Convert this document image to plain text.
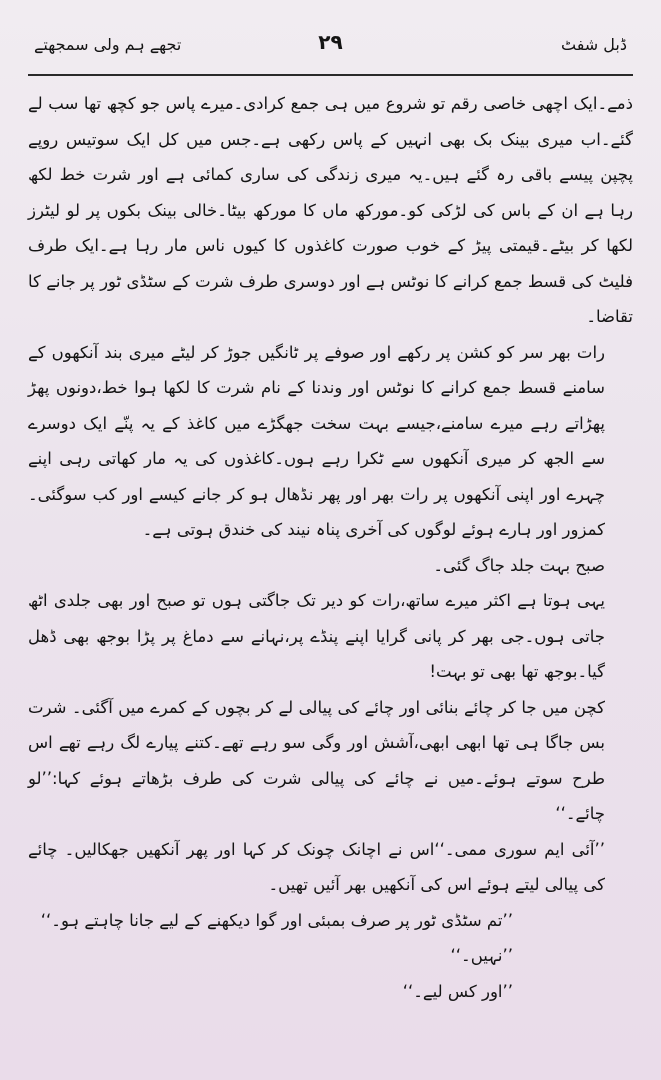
ڈبل شفٹ
۲۹
تجھے ہم ولی سمجھتے

ذمے۔ایک اچھی خاصی رقم تو شروع میں ہی جمع کرادی۔میرے پاس جو کچھ تھا سب لے گئے۔اب میری بینک بک بھی انہیں کے پاس رکھی ہے۔جس میں کل ایک سوتیس روپے پچپن پیسے باقی رہ گئے ہیں۔یہ میری زندگی کی ساری کمائی ہے اور شرت خط لکھ رہا ہے ان کے باس کی لڑکی کو۔مورکھ ماں کا مورکھ بیٹا۔خالی بینک بکوں پر لو لیٹرز لکھا کر بیٹے۔قیمتی پیڑ کے خوب صورت کاغذوں کا کیوں ناس مار رہا ہے۔ایک طرف فلیٹ کی قسط جمع کرانے کا نوٹس ہے اور دوسری طرف شرت کے سٹڈی ٹور پر جانے کا تقاضا۔

رات بھر سر کو کشن پر رکھے اور صوفے پر ٹانگیں جوڑ کر لیٹے میری بند آنکھوں کے سامنے قسط جمع کرانے کا نوٹس اور وندنا کے نام شرت کا لکھا ہوا خط،دونوں پھڑ پھڑاتے رہے میرے سامنے،جیسے بہت سخت جھگڑے میں کاغذ کے یہ پنّے ایک دوسرے سے الجھ کر میری آنکھوں سے ٹکرا رہے ہوں۔کاغذوں کی یہ مار کھاتی رہی اپنے چہرے اور اپنی آنکھوں پر رات بھر اور پھر نڈھال ہو کر جانے کیسے اور کب سوگئی۔کمزور اور ہارے ہوئے لوگوں کی آخری پناہ نیند کی خندق ہوتی ہے۔

صبح بہت جلد جاگ گئی۔

یہی ہوتا ہے اکثر میرے ساتھ،رات کو دیر تک جاگتی ہوں تو صبح اور بھی جلدی اٹھ جاتی ہوں۔جی بھر کر پانی گرایا اپنے پنڈے پر،نہانے سے دماغ پر پڑا بوجھ بھی ڈھل گیا۔بوجھ تھا بھی تو بہت!

کچن میں جا کر چائے بنائی اور چائے کی پیالی لے کر بچوں کے کمرے میں آگئی۔ شرت بس جاگا ہی تھا ابھی ابھی،آشش اور وگی سو رہے تھے۔کتنے پیارے لگ رہے تھے اس طرح سوتے ہوئے۔میں نے چائے کی پیالی شرت کی طرف بڑھاتے ہوئے کہا:’’لو چائے۔‘‘

’’آئی ایم سوری ممی۔‘‘اس نے اچانک چونک کر کہا اور پھر آنکھیں جھکالیں۔ چائے کی پیالی لیتے ہوئے اس کی آنکھیں بھر آئیں تھیں۔

’’تم سٹڈی ٹور پر صرف بمبئی اور گوا دیکھنے کے لیے جانا چاہتے ہو۔‘‘

’’نہیں۔‘‘

’’اور کس لیے۔‘‘
